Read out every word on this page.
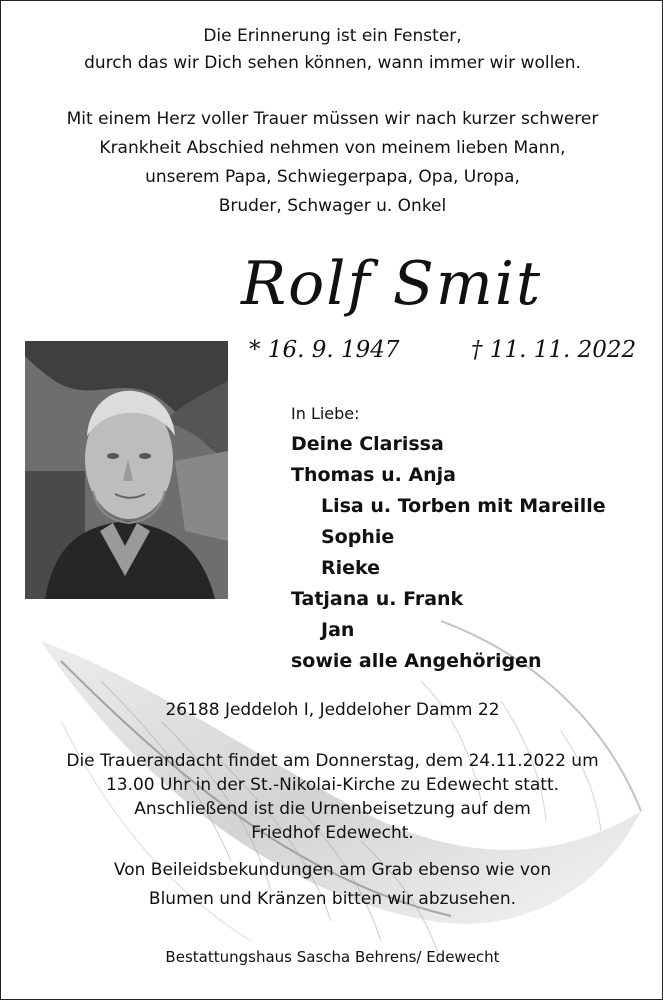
Die Erinnerung ist ein Fenster,
durch das wir Dich sehen können, wann immer wir wollen.
Mit einem Herz voller Trauer müssen wir nach kurzer schwerer
Krankheit Abschied nehmen von meinem lieben Mann,
unserem Papa, Schwiegerpapa, Opa, Uropa,
Bruder, Schwager u. Onkel
Rolf Smit
* 16. 9. 1947	† 11. 11. 2022
In Liebe:
Deine Clarissa
Thomas u. Anja
Lisa u. Torben mit Mareille
Sophie
Rieke
Tatjana u. Frank
Jan
sowie alle Angehörigen
26188 Jeddeloh I, Jeddeloher Damm 22
Die Trauerandacht findet am Donnerstag, dem 24.11.2022 um
13.00 Uhr in der St.-Nikolai-Kirche zu Edewecht statt.
Anschließend ist die Urnenbeisetzung auf dem
Friedhof Edewecht.
Von Beileidsbekundungen am Grab ebenso wie von
Blumen und Kränzen bitten wir abzusehen.
Bestattungshaus Sascha Behrens/ Edewecht
